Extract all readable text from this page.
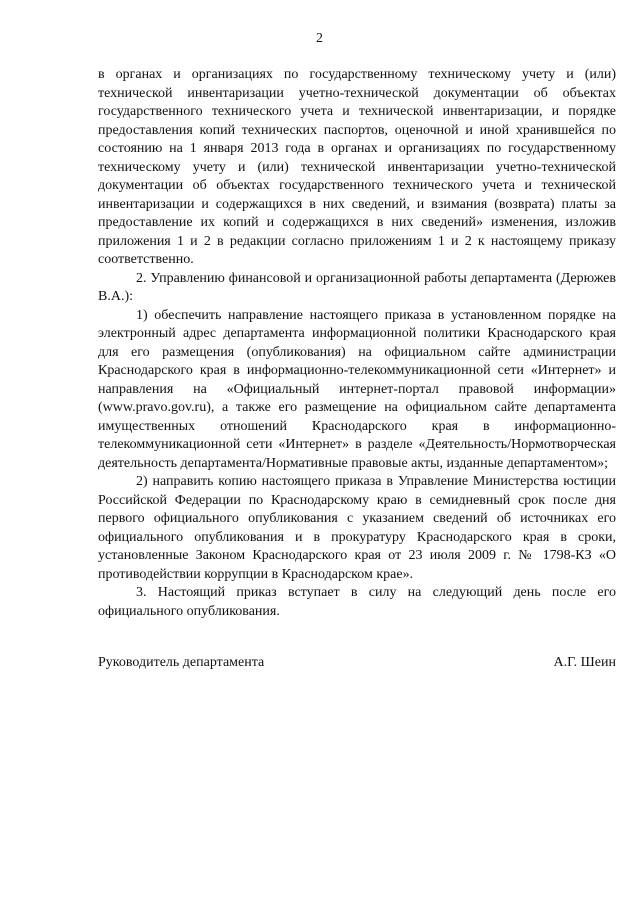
2

в органах и организациях по государственному техническому учету и (или) технической инвентаризации учетно-технической документации об объектах государственного технического учета и технической инвентаризации, и порядке предоставления копий технических паспортов, оценочной и иной хранившейся по состоянию на 1 января 2013 года в органах и организациях по государственному техническому учету и (или) технической инвентаризации учетно-технической документации об объектах государственного технического учета и технической инвентаризации и содержащихся в них сведений, и взимания (возврата) платы за предоставление их копий и содержащихся в них сведений» изменения, изложив приложения 1 и 2 в редакции согласно приложениям 1 и 2 к настоящему приказу соответственно.

2. Управлению финансовой и организационной работы департамента (Дерюжев В.А.):

1) обеспечить направление настоящего приказа в установленном порядке на электронный адрес департамента информационной политики Краснодарского края для его размещения (опубликования) на официальном сайте администрации Краснодарского края в информационно-телекоммуникационной сети «Интернет» и направления на «Официальный интернет-портал правовой информации» (www.pravo.gov.ru), а также его размещение на официальном сайте департамента имущественных отношений Краснодарского края в информационно-телекоммуникационной сети «Интернет» в разделе «Деятельность/Нормотворческая деятельность департамента/Нормативные правовые акты, изданные департаментом»;

2) направить копию настоящего приказа в Управление Министерства юстиции Российской Федерации по Краснодарскому краю в семидневный срок после дня первого официального опубликования с указанием сведений об источниках его официального опубликования и в прокуратуру Краснодарского края в сроки, установленные Законом Краснодарского края от 23 июля 2009 г. № 1798-КЗ «О противодействии коррупции в Краснодарском крае».

3. Настоящий приказ вступает в силу на следующий день после его официального опубликования.

Руководитель департамента	А.Г. Шеин
